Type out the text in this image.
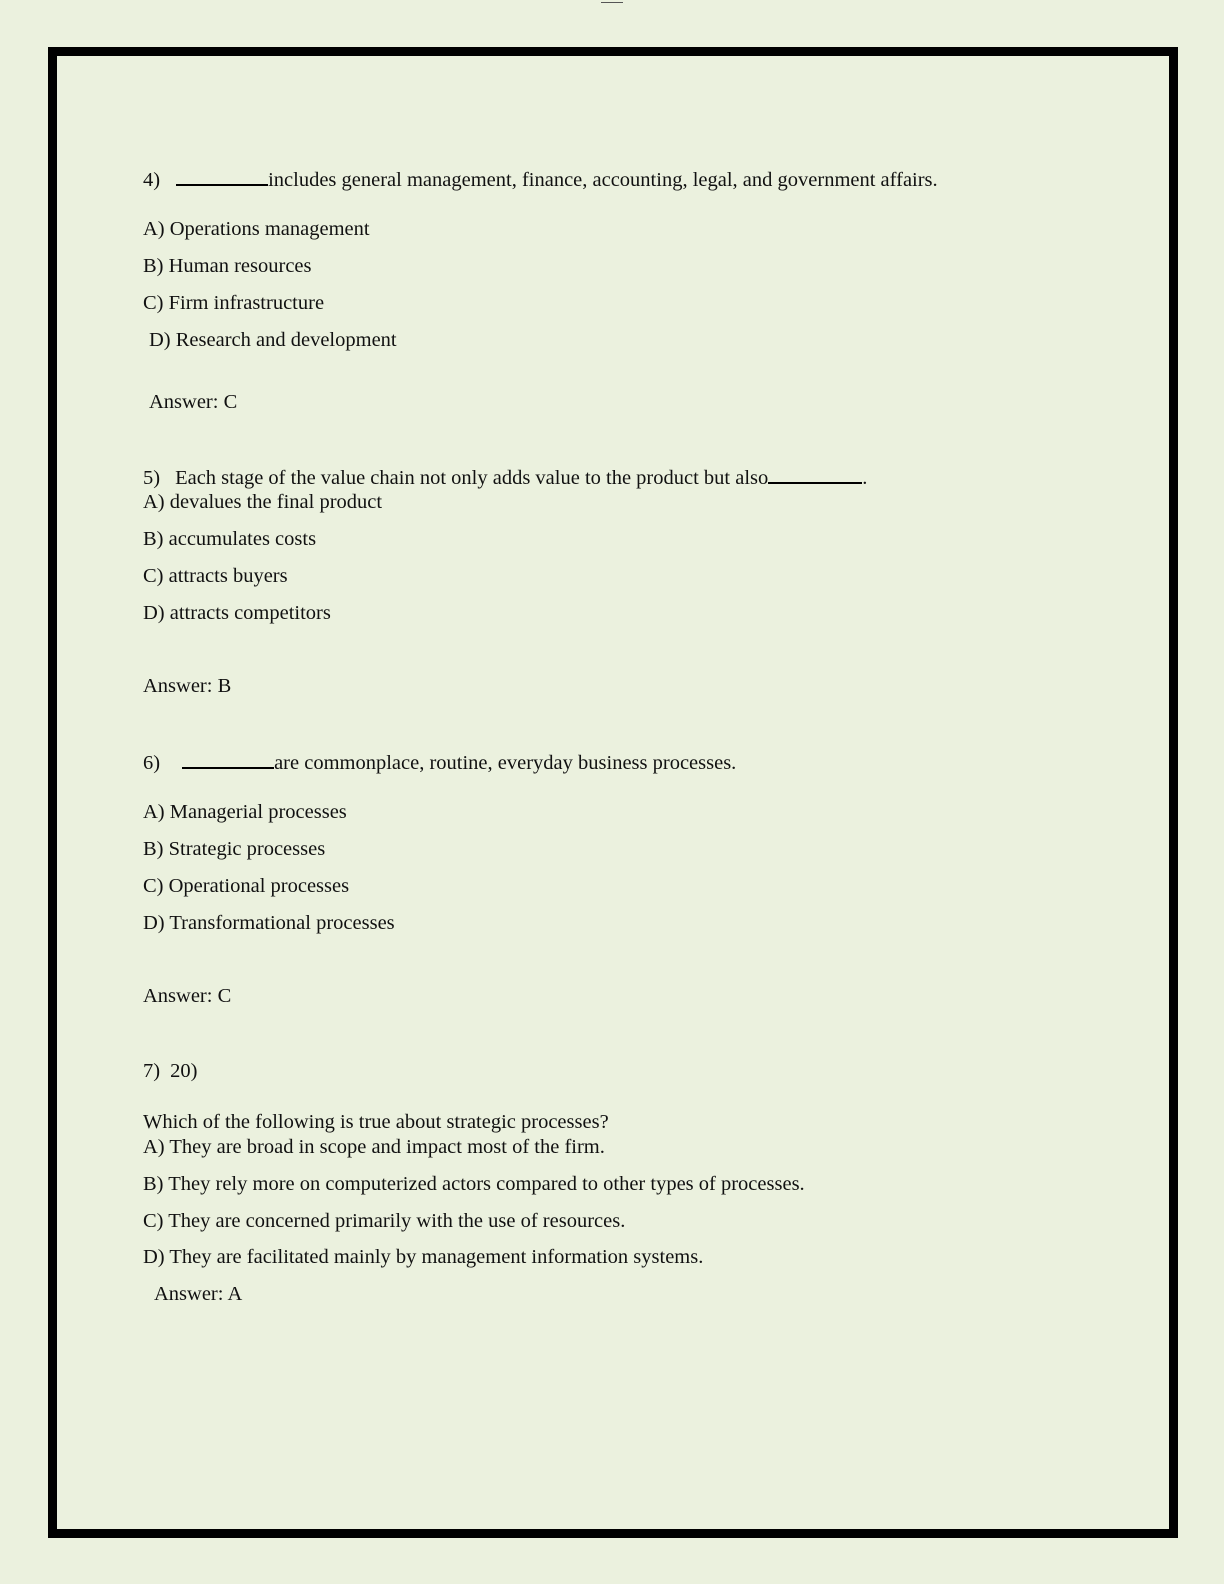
4)	includes general management, finance, accounting, legal, and government affairs.
A) Operations management
B) Human resources
C) Firm infrastructure
D) Research and development
Answer: C
5) Each stage of the value chain not only adds value to the product but also	.
A) devalues the final product
B) accumulates costs
C) attracts buyers
D) attracts competitors
Answer: B
6)	are commonplace, routine, everyday business processes.
A) Managerial processes
B) Strategic processes
C) Operational processes
D) Transformational processes
Answer: C
7) 20)
Which of the following is true about strategic processes?
A) They are broad in scope and impact most of the firm.
B) They rely more on computerized actors compared to other types of processes.
C) They are concerned primarily with the use of resources.
D) They are facilitated mainly by management information systems.
Answer: A
